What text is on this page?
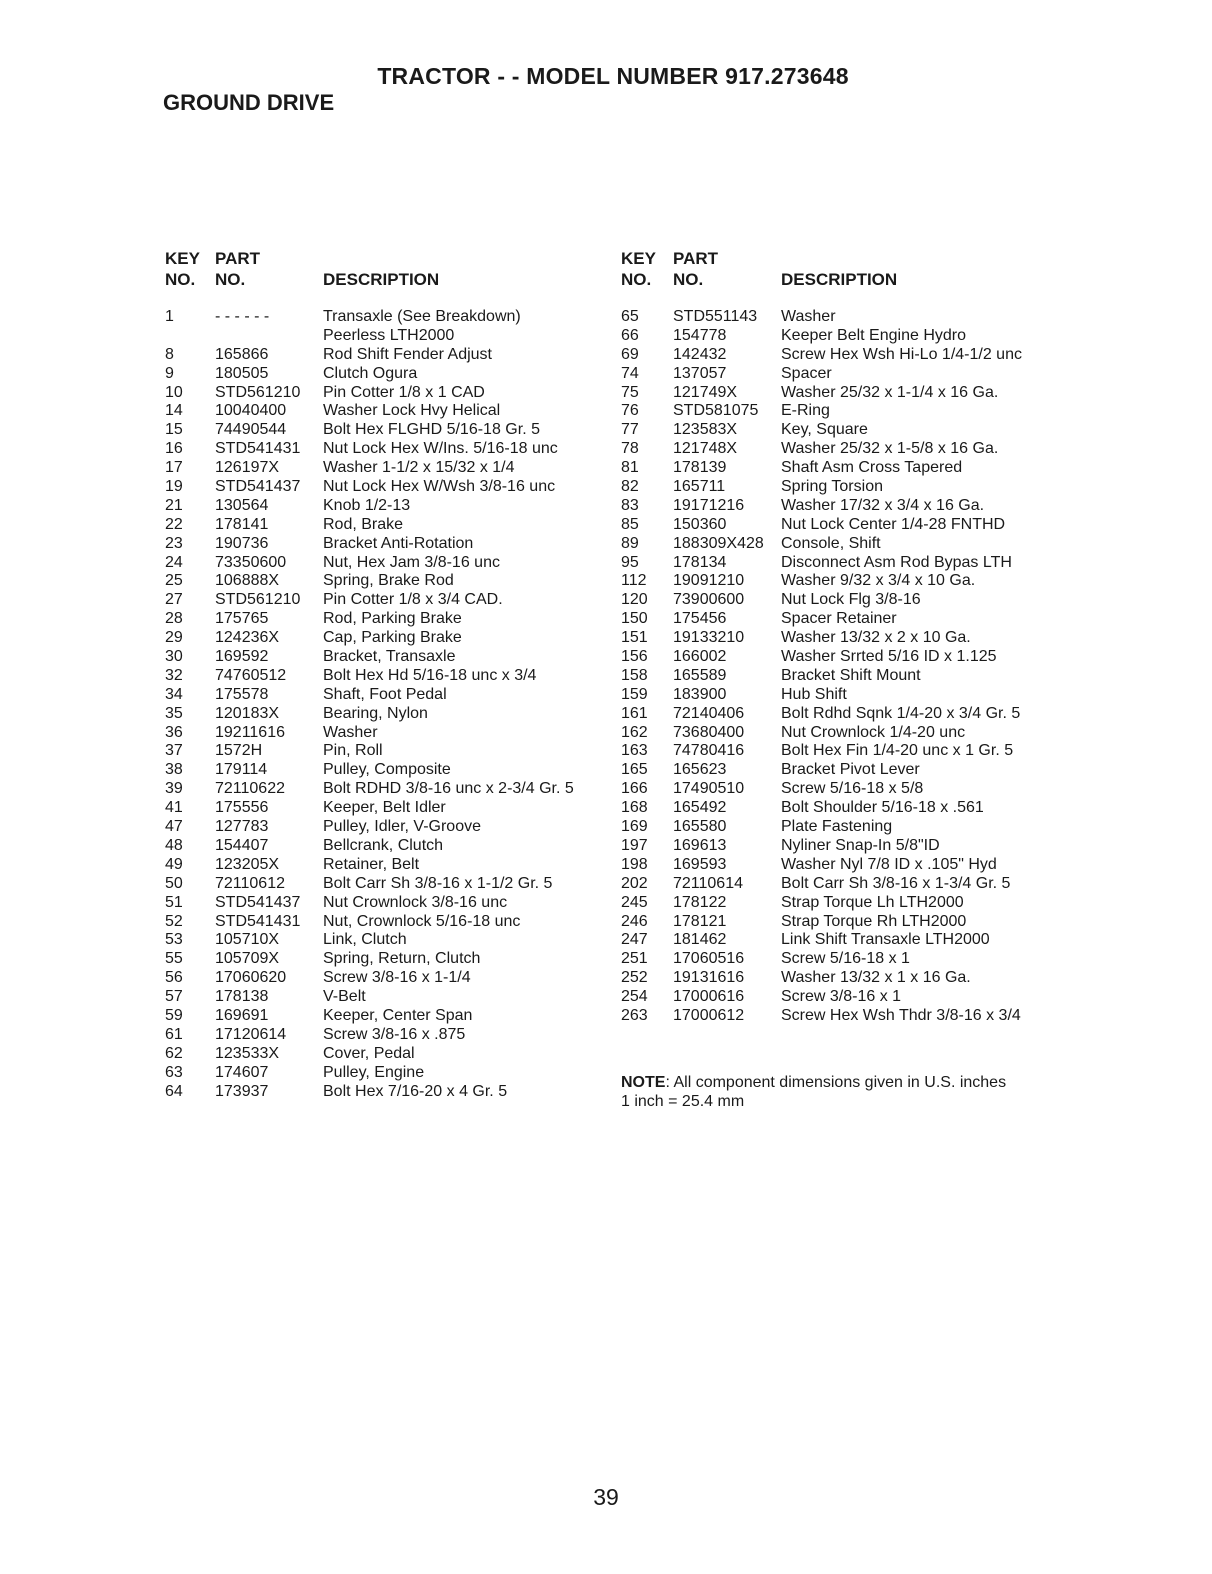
TRACTOR - - MODEL NUMBER 917.273648
GROUND DRIVE
KEY
NO.
PART
NO.	DESCRIPTION
1	- - - - - -	Transaxle (See Breakdown)
Peerless LTH2000
8	165866	Rod Shift Fender Adjust
9	180505	Clutch Ogura
10 STD561210 Pin Cotter 1/8 x 1 CAD
14 10040400 Washer Lock Hvy Helical
15 74490544 Bolt Hex FLGHD 5/16-18 Gr. 5
16 STD541431 Nut Lock Hex W/Ins. 5/16-18 unc
17 126197X	Washer 1-1/2 x 15/32 x 1/4
19 STD541437 Nut Lock Hex W/Wsh 3/8-16 unc
21 130564	Knob 1/2-13
22 178141	Rod, Brake
23 190736	Bracket Anti-Rotation
24 73350600 Nut, Hex Jam 3/8-16 unc
25 106888X	Spring, Brake Rod
27 STD561210 Pin Cotter 1/8 x 3/4 CAD.
28 175765	Rod, Parking Brake
29 124236X	Cap, Parking Brake
30 169592	Bracket, Transaxle
32 74760512 Bolt Hex Hd 5/16-18 unc x 3/4
34 175578	Shaft, Foot Pedal
35 120183X	Bearing, Nylon
36 19211616 Washer
37 1572H	Pin, Roll
38 179114	Pulley, Composite
39 72110622 Bolt RDHD 3/8-16 unc x 2-3/4 Gr. 5
41 175556	Keeper, Belt Idler
47 127783	Pulley, Idler, V-Groove
48 154407	Bellcrank, Clutch
49 123205X	Retainer, Belt
50 72110612 Bolt Carr Sh 3/8-16 x 1-1/2 Gr. 5
51 STD541437 Nut Crownlock 3/8-16 unc
52 STD541431 Nut, Crownlock 5/16-18 unc
53 105710X	Link, Clutch
55 105709X	Spring, Return, Clutch
56 17060620 Screw 3/8-16 x 1-1/4
57 178138	V-Belt
59 169691	Keeper, Center Span
61 17120614 Screw 3/8-16 x .875
62 123533X	Cover, Pedal
63 174607	Pulley, Engine
64 173937	Bolt Hex 7/16-20 x 4 Gr. 5
KEY
NO.
PART
NO.	DESCRIPTION
65 STD551143 Washer
66 154778	Keeper Belt Engine Hydro
69 142432	Screw Hex Wsh Hi-Lo 1/4-1/2 unc
74 137057	Spacer
75 121749X	Washer 25/32 x 1-1/4 x 16 Ga.
76 STD581075 E-Ring
77 123583X	Key, Square
78 121748X	Washer 25/32 x 1-5/8 x 16 Ga.
81 178139	Shaft Asm Cross Tapered
82 165711	Spring Torsion
83 19171216 Washer 17/32 x 3/4 x 16 Ga.
85 150360	Nut Lock Center 1/4-28 FNTHD
89 188309X428 Console, Shift
95 178134	Disconnect Asm Rod Bypas LTH
112 19091210 Washer 9/32 x 3/4 x 10 Ga.
120 73900600 Nut Lock Flg 3/8-16
150 175456	Spacer Retainer
151 19133210 Washer 13/32 x 2 x 10 Ga.
156 166002	Washer Srrted 5/16 ID x 1.125
158 165589	Bracket Shift Mount
159 183900	Hub Shift
161 72140406 Bolt Rdhd Sqnk 1/4-20 x 3/4 Gr. 5
162 73680400 Nut Crownlock 1/4-20 unc
163 74780416 Bolt Hex Fin 1/4-20 unc x 1 Gr. 5
165 165623	Bracket Pivot Lever
166 17490510 Screw 5/16-18 x 5/8
168 165492	Bolt Shoulder 5/16-18 x .561
169 165580	Plate Fastening
197 169613	Nyliner Snap-In 5/8"ID
198 169593	Washer Nyl 7/8 ID x .105" Hyd
202 72110614 Bolt Carr Sh 3/8-16 x 1-3/4 Gr. 5
245 178122	Strap Torque Lh LTH2000
246 178121	Strap Torque Rh LTH2000
247 181462	Link Shift Transaxle LTH2000
251 17060516 Screw 5/16-18 x 1
252 19131616 Washer 13/32 x 1 x 16 Ga.
254 17000616 Screw 3/8-16 x 1
263 17000612 Screw Hex Wsh Thdr 3/8-16 x 3/4
NOTE: All component dimensions given in U.S. inches
1 inch = 25.4 mm
39
